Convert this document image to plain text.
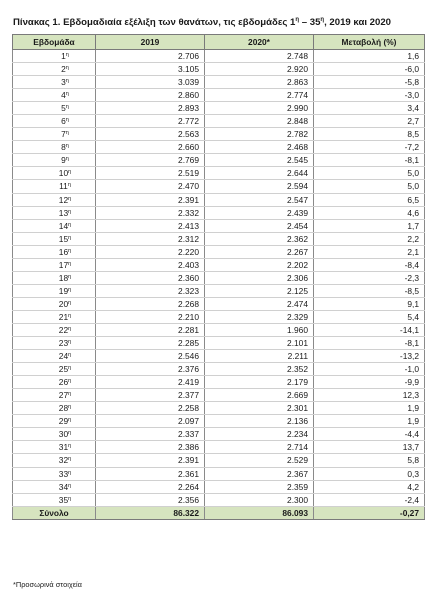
Πίνακας 1. Εβδομαδιαία εξέλιξη των θανάτων, τις εβδομάδες $1^\eta - 35^\eta$, 2019 και 2020
Εβδομάδα	2019	2020*	Μεταβολή (%)
$1^\eta$	2.706	2.748	1,6
$2^\eta$	3.105	2.920	-6,0
$3^\eta$	3.039	2.863	-5,8
$4^\eta$	2.860	2.774	-3,0
$5^\eta$	2.893	2.990	3,4
$6^\eta$	2.772	2.848	2,7
$7^\eta$	2.563	2.782	8,5
$8^\eta$	2.660	2.468	-7,2
$9^\eta$	2.769	2.545	-8,1
$10^\eta$	2.519	2.644	5,0
$11^\eta$	2.470	2.594	5,0
$12^\eta$	2.391	2.547	6,5
$13^\eta$	2.332	2.439	4,6
$14^\eta$	2.413	2.454	1,7
$15^\eta$	2.312	2.362	2,2
$16^\eta$	2.220	2.267	2,1
$17^\eta$	2.403	2.202	-8,4
$18^\eta$	2.360	2.306	-2,3
$19^\eta$	2.323	2.125	-8,5
$20^\eta$	2.268	2.474	9,1
$21^\eta$	2.210	2.329	5,4
$22^\eta$	2.281	1.960	-14,1
$23^\eta$	2.285	2.101	-8,1
$24^\eta$	2.546	2.211	-13,2
$25^\eta$	2.376	2.352	-1,0
$26^\eta$	2.419	2.179	-9,9
$27^\eta$	2.377	2.669	12,3
$28^\eta$	2.258	2.301	1,9
$29^\eta$	2.097	2.136	1,9
$30^\eta$	2.337	2.234	-4,4
$31^\eta$	2.386	2.714	13,7
$32^\eta$	2.391	2.529	5,8
$33^\eta$	2.361	2.367	0,3
$34^\eta$	2.264	2.359	4,2
$35^\eta$	2.356	2.300	-2,4
Σύνολο	86.322	86.093	-0,27
*Προσωρινά στοιχεία
